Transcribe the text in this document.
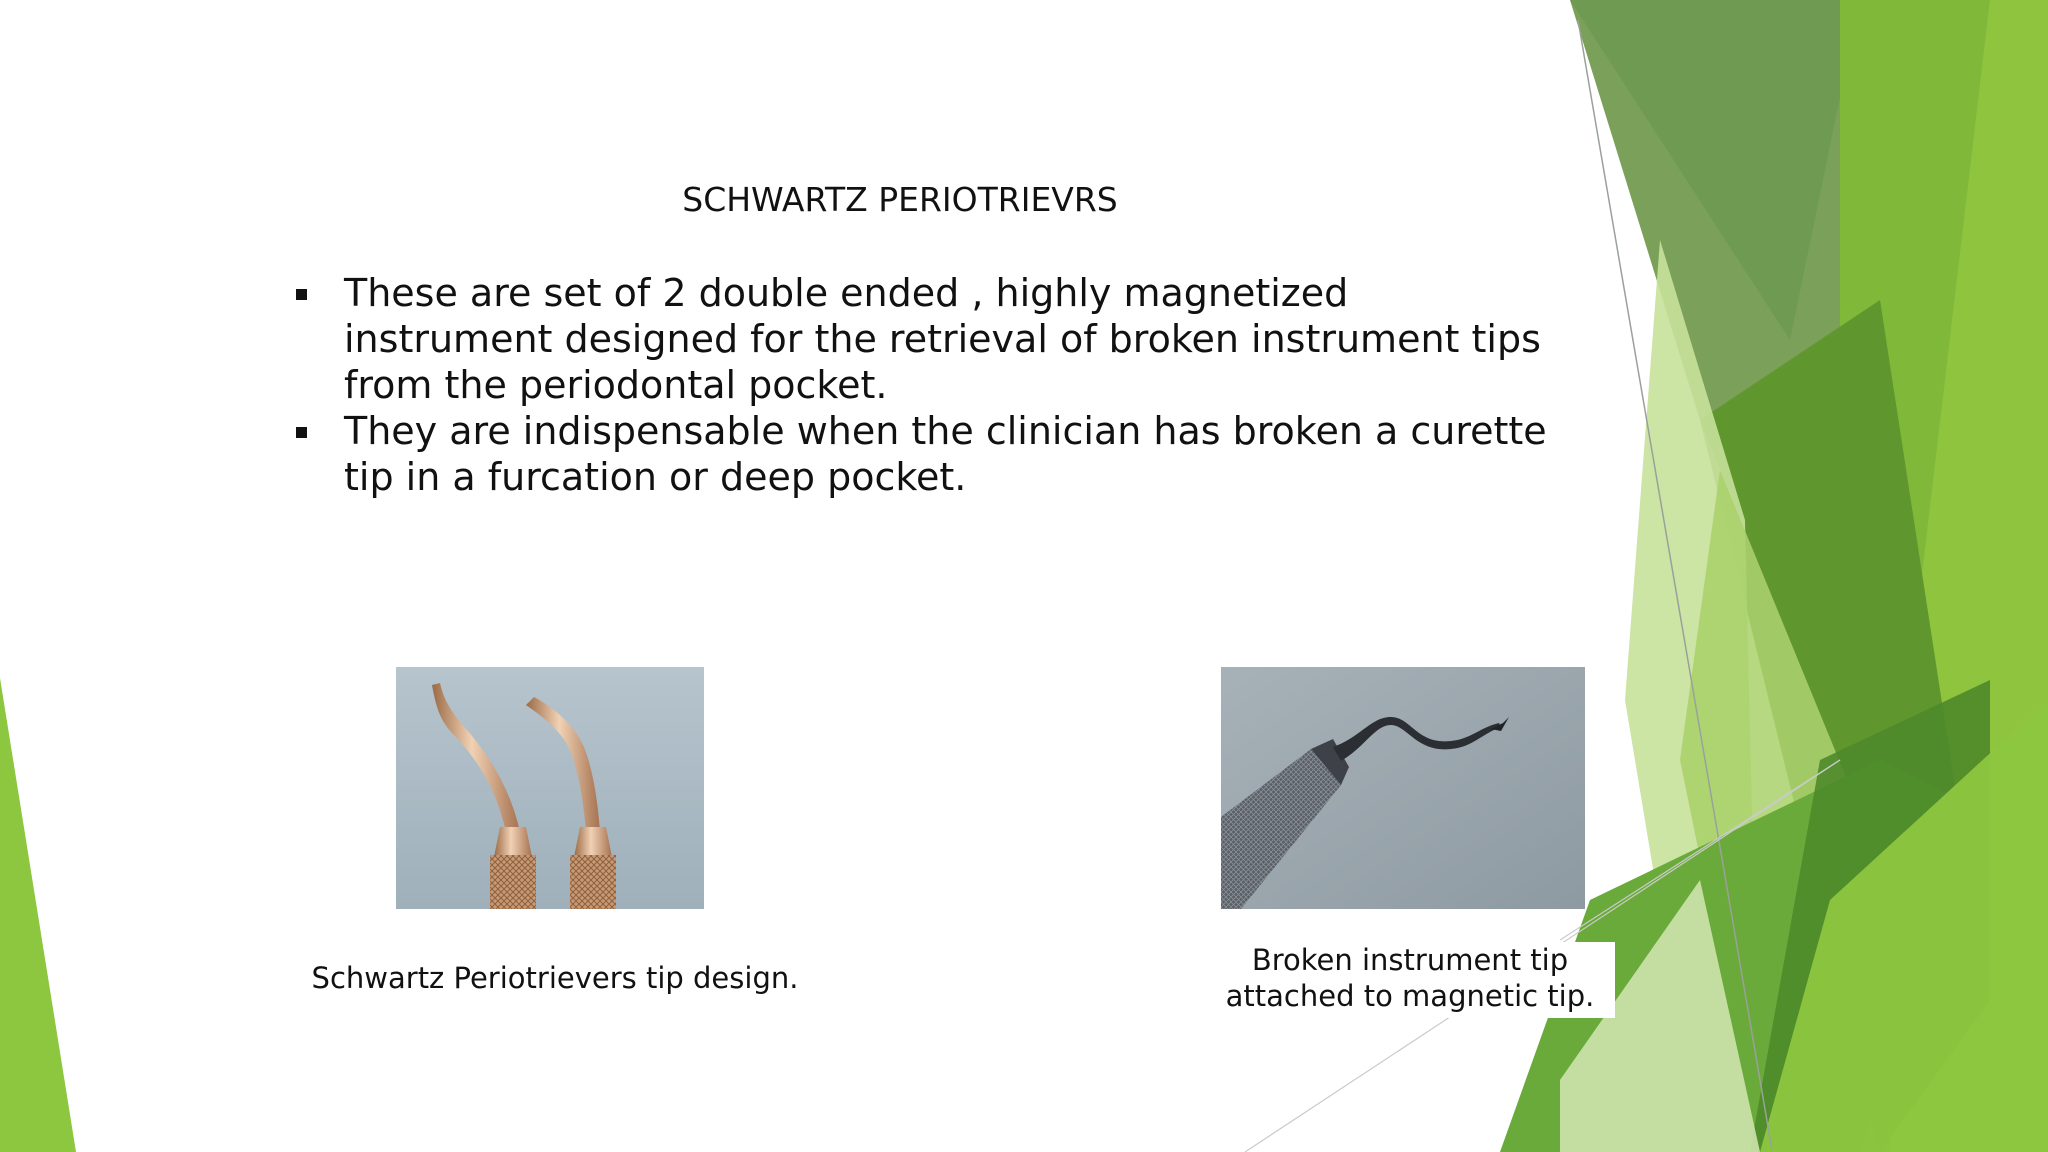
SCHWARTZ PERIOTRIEVRS
These are set of 2 double ended , highly magnetized instrument designed for the retrieval of broken instrument tips from the periodontal pocket.
They are indispensable when the clinician has broken a curette tip in a furcation or deep pocket.
Schwartz Periotrievers tip design.
Broken instrument tip attached to magnetic tip.
